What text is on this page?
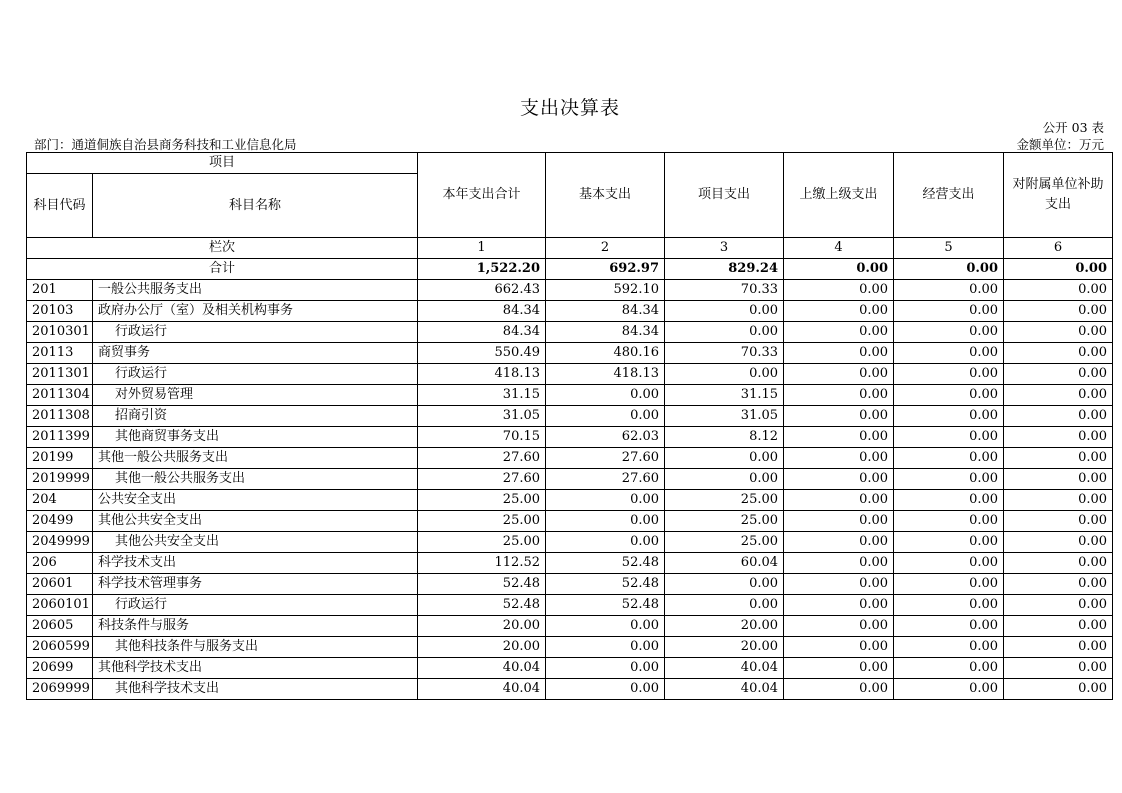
支出决算表
公开 03 表
部门：通道侗族自治县商务科技和工业信息化局	金额单位：万元
项目		本年支出合计	基本支出	项目支出	上缴上级支出	经营支出	对附属单位补助支出
科目代码	科目名称						
栏次		1	2	3	4	5	6
合计		1,522.20	692.97	829.24	0.00	0.00	0.00
201	一般公共服务支出	662.43	592.10	70.33	0.00	0.00	0.00
20103	政府办公厅（室）及相关机构事务	84.34	84.34	0.00	0.00	0.00	0.00
2010301	行政运行	84.34	84.34	0.00	0.00	0.00	0.00
20113	商贸事务	550.49	480.16	70.33	0.00	0.00	0.00
2011301	行政运行	418.13	418.13	0.00	0.00	0.00	0.00
2011304	对外贸易管理	31.15	0.00	31.15	0.00	0.00	0.00
2011308	招商引资	31.05	0.00	31.05	0.00	0.00	0.00
2011399	其他商贸事务支出	70.15	62.03	8.12	0.00	0.00	0.00
20199	其他一般公共服务支出	27.60	27.60	0.00	0.00	0.00	0.00
2019999	其他一般公共服务支出	27.60	27.60	0.00	0.00	0.00	0.00
204	公共安全支出	25.00	0.00	25.00	0.00	0.00	0.00
20499	其他公共安全支出	25.00	0.00	25.00	0.00	0.00	0.00
2049999	其他公共安全支出	25.00	0.00	25.00	0.00	0.00	0.00
206	科学技术支出	112.52	52.48	60.04	0.00	0.00	0.00
20601	科学技术管理事务	52.48	52.48	0.00	0.00	0.00	0.00
2060101	行政运行	52.48	52.48	0.00	0.00	0.00	0.00
20605	科技条件与服务	20.00	0.00	20.00	0.00	0.00	0.00
2060599	其他科技条件与服务支出	20.00	0.00	20.00	0.00	0.00	0.00
20699	其他科学技术支出	40.04	0.00	40.04	0.00	0.00	0.00
2069999	其他科学技术支出	40.04	0.00	40.04	0.00	0.00	0.00
